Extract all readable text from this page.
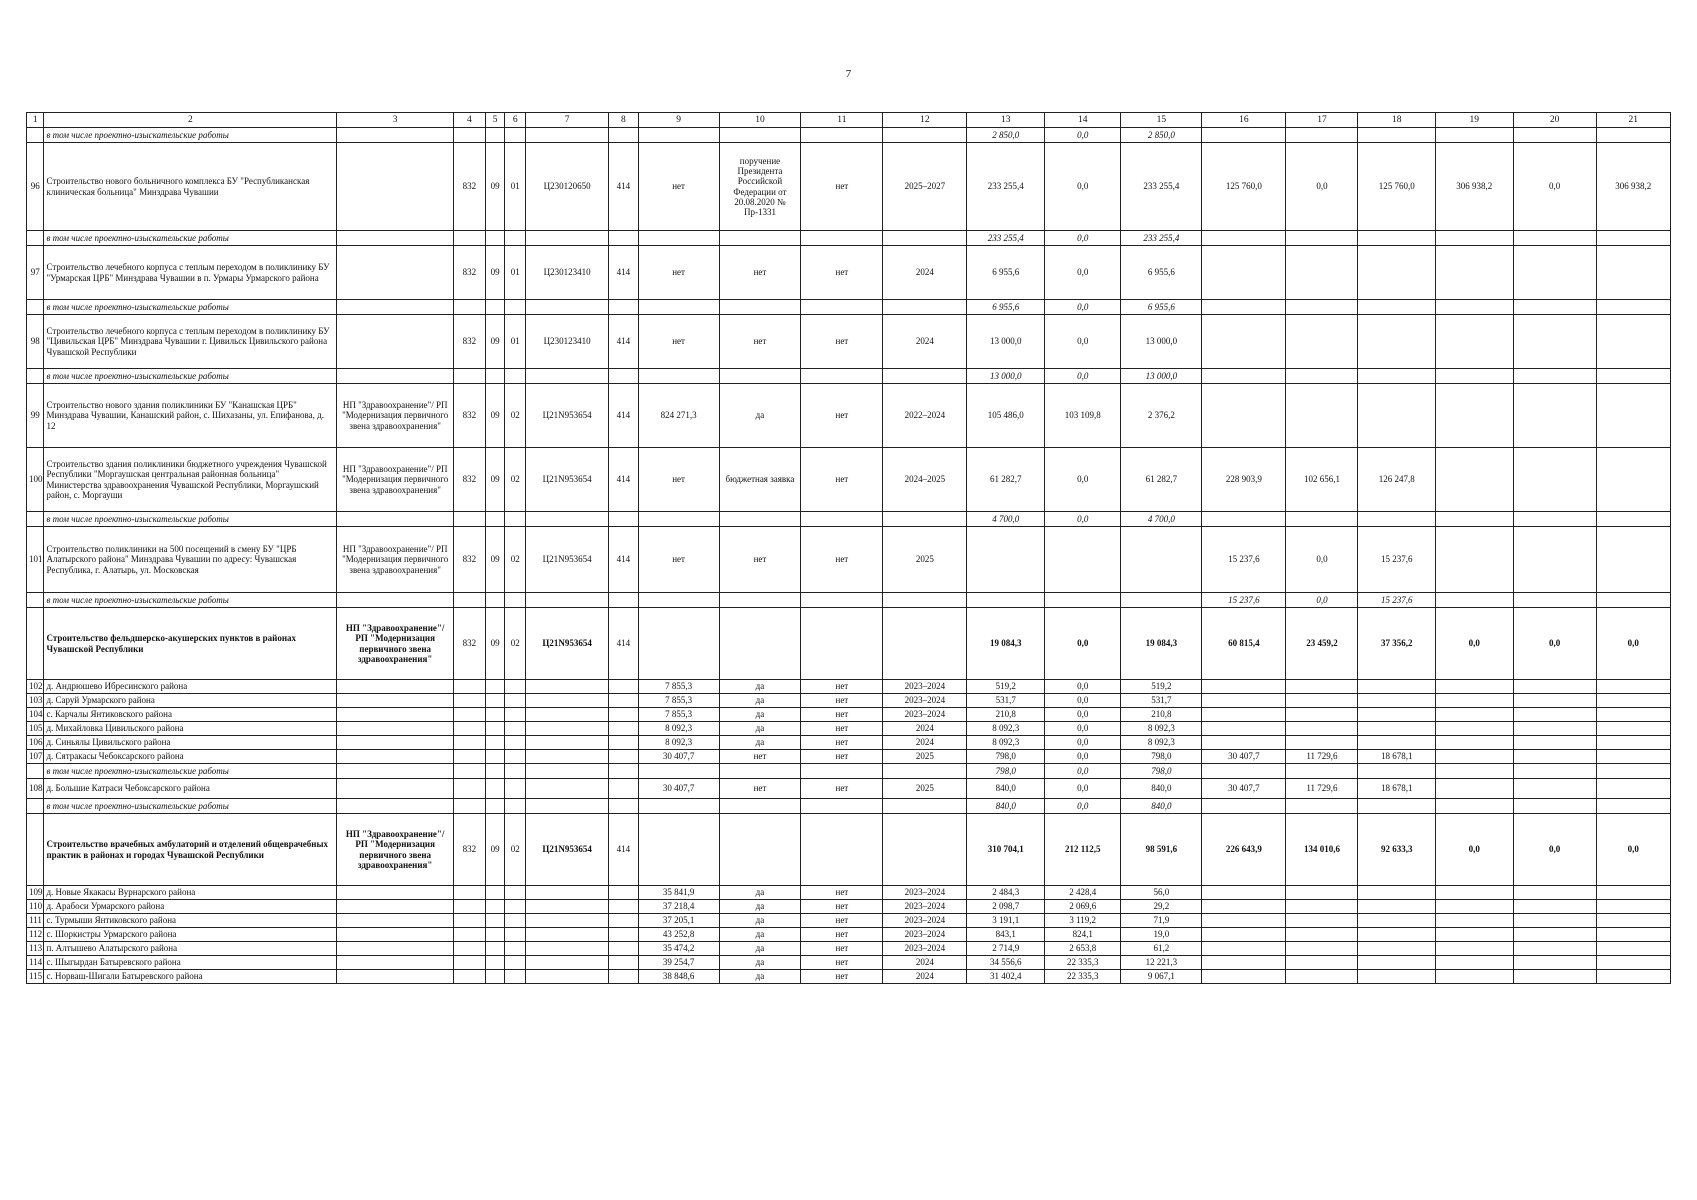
7
1	2	3	4	5	6	7	8	9	10	11	12	13	14	15	16	17	18	19	20	21
	в том числе проектно-изыскательские работы											2 850,0	0,0	2 850,0						
96	Строительство нового больничного комплекса БУ "Республиканская клиническая больница" Минздрава Чувашии		832	09	01	Ц230120650	414	нет	поручение Президента Российской Федерации от 20.08.2020 № Пр-1331	нет	2025–2027	233 255,4	0,0	233 255,4	125 760,0	0,0	125 760,0	306 938,2	0,0	306 938,2
	в том числе проектно-изыскательские работы											233 255,4	0,0	233 255,4						
97	Строительство лечебного корпуса с теплым переходом в поликлинику БУ "Урмарская ЦРБ" Минздрава Чувашии в п. Урмары Урмарского района		832	09	01	Ц230123410	414	нет	нет	нет	2024	6 955,6	0,0	6 955,6						
	в том числе проектно-изыскательские работы											6 955,6	0,0	6 955,6						
98	Строительство лечебного корпуса с теплым переходом в поликлинику БУ "Цивильская ЦРБ" Минздрава Чувашии г. Цивильск Цивильского района Чувашской Республики		832	09	01	Ц230123410	414	нет	нет	нет	2024	13 000,0	0,0	13 000,0						
	в том числе проектно-изыскательские работы											13 000,0	0,0	13 000,0						
99	Строительство нового здания поликлиники БУ "Канашская ЦРБ" Минздрава Чувашии, Канашский район, с. Шихазаны, ул. Епифанова, д. 12	НП "Здравоохранение"/ РП "Модернизация первичного звена здравоохранения"	832	09	02	Ц21N953654	414	824 271,3	да	нет	2022–2024	105 486,0	103 109,8	2 376,2						
100	Строительство здания поликлиники бюджетного учреждения Чувашской Республики "Моргаушская центральная районная больница" Министерства здравоохранения Чувашской Республики, Моргаушский район, с. Моргауши	НП "Здравоохранение"/ РП "Модернизация первичного звена здравоохранения"	832	09	02	Ц21N953654	414	нет	бюджетная заявка	нет	2024–2025	61 282,7	0,0	61 282,7	228 903,9	102 656,1	126 247,8			
	в том числе проектно-изыскательские работы											4 700,0	0,0	4 700,0						
101	Строительство поликлиники на 500 посещений в смену БУ "ЦРБ Алатырского района" Минздрава Чувашии по адресу: Чувашская Республика, г. Алатырь, ул. Московская	НП "Здравоохранение"/ РП "Модернизация первичного звена здравоохранения"	832	09	02	Ц21N953654	414	нет	нет	нет	2025				15 237,6	0,0	15 237,6			
	в том числе проектно-изыскательские работы														15 237,6	0,0	15 237,6			
	Строительство фельдшерско-акушерских пунктов в районах Чувашской Республики	НП "Здравоохранение"/ РП "Модернизация первичного звена здравоохранения"	832	09	02	Ц21N953654	414					19 084,3	0,0	19 084,3	60 815,4	23 459,2	37 356,2	0,0	0,0	0,0
102	д. Андрюшево Ибресинского района							7 855,3	да	нет	2023–2024	519,2	0,0	519,2						
103	д. Саруй Урмарского района							7 855,3	да	нет	2023–2024	531,7	0,0	531,7						
104	с. Карчалы Янтиковского района							7 855,3	да	нет	2023–2024	210,8	0,0	210,8						
105	д. Михайловка Цивильского района							8 092,3	да	нет	2024	8 092,3	0,0	8 092,3						
106	д. Синьялы Цивильского района							8 092,3	да	нет	2024	8 092,3	0,0	8 092,3						
107	д. Сятракасы Чебоксарского района							30 407,7	нет	нет	2025	798,0	0,0	798,0	30 407,7	11 729,6	18 678,1			
	в том числе проектно-изыскательские работы											798,0	0,0	798,0						
108	д. Большие Катраси Чебоксарского района							30 407,7	нет	нет	2025	840,0	0,0	840,0	30 407,7	11 729,6	18 678,1			
	в том числе проектно-изыскательские работы											840,0	0,0	840,0						
	Строительство врачебных амбулаторий и отделений общеврачебных практик в районах и городах Чувашской Республики	НП "Здравоохранение"/ РП "Модернизация первичного звена здравоохранения"	832	09	02	Ц21N953654	414					310 704,1	212 112,5	98 591,6	226 643,9	134 010,6	92 633,3	0,0	0,0	0,0
109	д. Новые Якакасы Вурнарского района							35 841,9	да	нет	2023–2024	2 484,3	2 428,4	56,0						
110	д. Арабоси Урмарского района							37 218,4	да	нет	2023–2024	2 098,7	2 069,6	29,2						
111	с. Турмыши Янтиковского района							37 205,1	да	нет	2023–2024	3 191,1	3 119,2	71,9						
112	с. Шоркистры Урмарского района							43 252,8	да	нет	2023–2024	843,1	824,1	19,0						
113	п. Алтышево Алатырского района							35 474,2	да	нет	2023–2024	2 714,9	2 653,8	61,2						
114	с. Шыгырдан Батыревского района							39 254,7	да	нет	2024	34 556,6	22 335,3	12 221,3						
115	с. Норваш-Шигали Батыревского района							38 848,6	да	нет	2024	31 402,4	22 335,3	9 067,1						
